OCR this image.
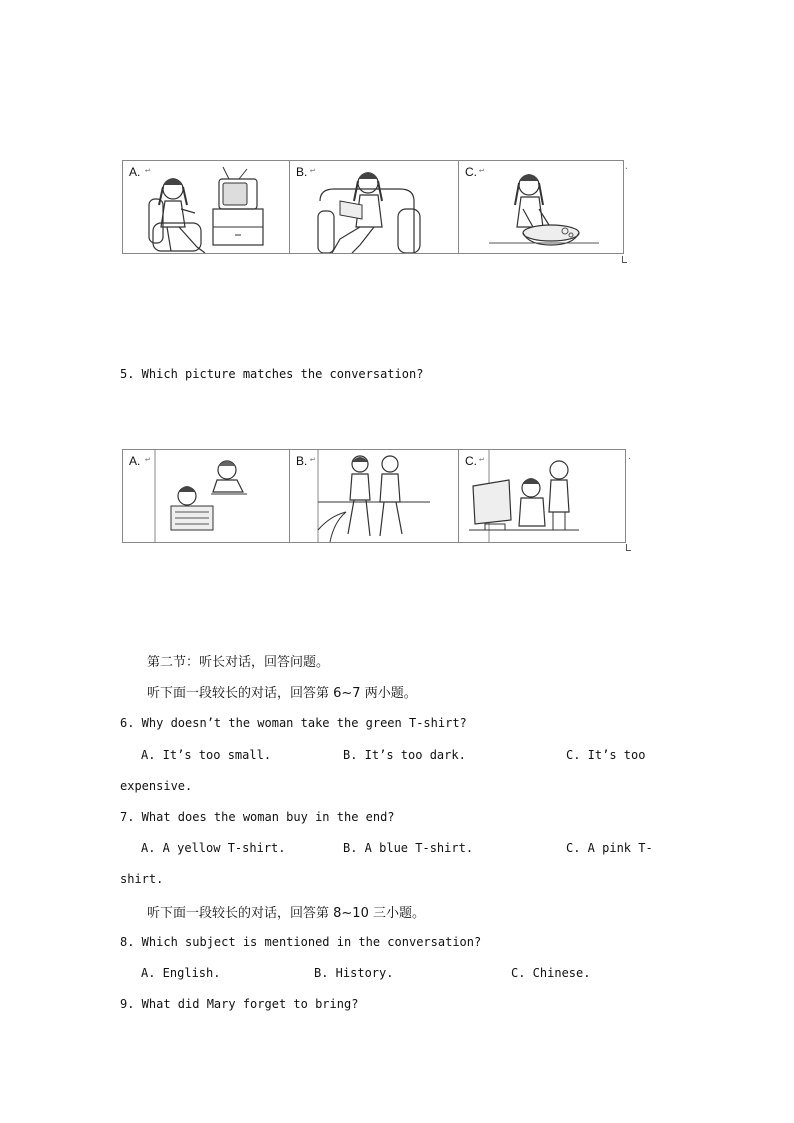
A. ↵	B. ↵	C. ↵	·
5. Which picture matches the conversation?
A. ↵	B. ↵	C. ↵	·
第二节：听长对话，回答问题。
听下面一段较长的对话，回答第 6~7 两小题。
6. Why doesn’t the woman take the green T-shirt?
A. It’s too small.	B. It’s too dark.	C. It’s too
expensive.
7. What does the woman buy in the end?
A. A yellow T-shirt.	B. A blue T-shirt.	C. A pink T-
shirt.
听下面一段较长的对话，回答第 8~10 三小题。
8. Which subject is mentioned in the conversation?
A. English.	B. History.	C. Chinese.
9. What did Mary forget to bring?
